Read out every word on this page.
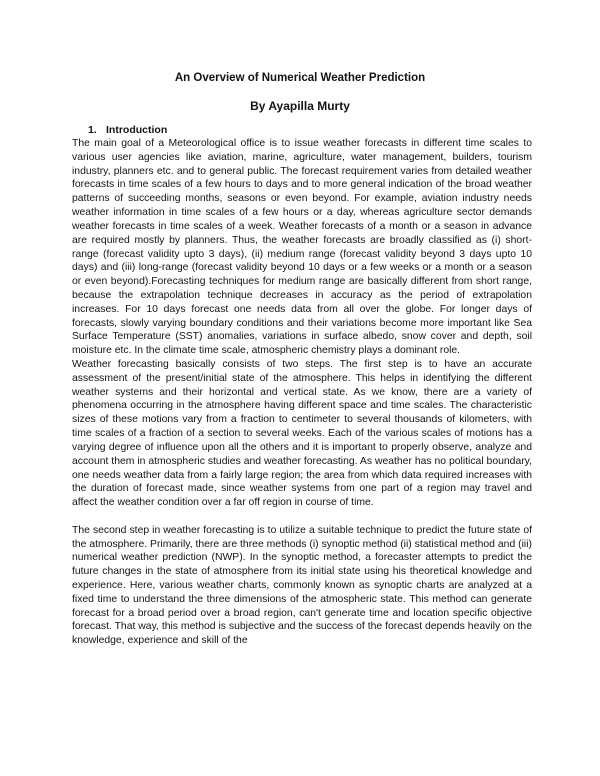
An Overview of Numerical Weather Prediction
By Ayapilla Murty
1. Introduction

The main goal of a Meteorological office is to issue weather forecasts in different time scales to various user agencies like aviation, marine, agriculture, water management, builders, tourism industry, planners etc. and to general public. The forecast requirement varies from detailed weather forecasts in time scales of a few hours to days and to more general indication of the broad weather patterns of succeeding months, seasons or even beyond. For example, aviation industry needs weather information in time scales of a few hours or a day, whereas agriculture sector demands weather forecasts in time scales of a week. Weather forecasts of a month or a season in advance are required mostly by planners. Thus, the weather forecasts are broadly classified as (i) short-range (forecast validity upto 3 days), (ii) medium range (forecast validity beyond 3 days upto 10 days) and (iii) long-range (forecast validity beyond 10 days or a few weeks or a month or a season or even beyond).Forecasting techniques for medium range are basically different from short range, because the extrapolation technique decreases in accuracy as the period of extrapolation increases. For 10 days forecast one needs data from all over the globe. For longer days of forecasts, slowly varying boundary conditions and their variations become more important like Sea Surface Temperature (SST) anomalies, variations in surface albedo, snow cover and depth, soil moisture etc. In the climate time scale, atmospheric chemistry plays a dominant role.

Weather forecasting basically consists of two steps. The first step is to have an accurate assessment of the present/initial state of the atmosphere. This helps in identifying the different weather systems and their horizontal and vertical state. As we know, there are a variety of phenomena occurring in the atmosphere having different space and time scales. The characteristic sizes of these motions vary from a fraction to centimeter to several thousands of kilometers, with time scales of a fraction of a section to several weeks. Each of the various scales of motions has a varying degree of influence upon all the others and it is important to properly observe, analyze and account them in atmospheric studies and weather forecasting. As weather has no political boundary, one needs weather data from a fairly large region; the area from which data required increases with the duration of forecast made, since weather systems from one part of a region may travel and affect the weather condition over a far off region in course of time.

The second step in weather forecasting is to utilize a suitable technique to predict the future state of the atmosphere. Primarily, there are three methods (i) synoptic method (ii) statistical method and (iii) numerical weather prediction (NWP). In the synoptic method, a forecaster attempts to predict the future changes in the state of atmosphere from its initial state using his theoretical knowledge and experience. Here, various weather charts, commonly known as synoptic charts are analyzed at a fixed time to understand the three dimensions of the atmospheric state. This method can generate forecast for a broad period over a broad region, can't generate time and location specific objective forecast. That way, this method is subjective and the success of the forecast depends heavily on the knowledge, experience and skill of the
